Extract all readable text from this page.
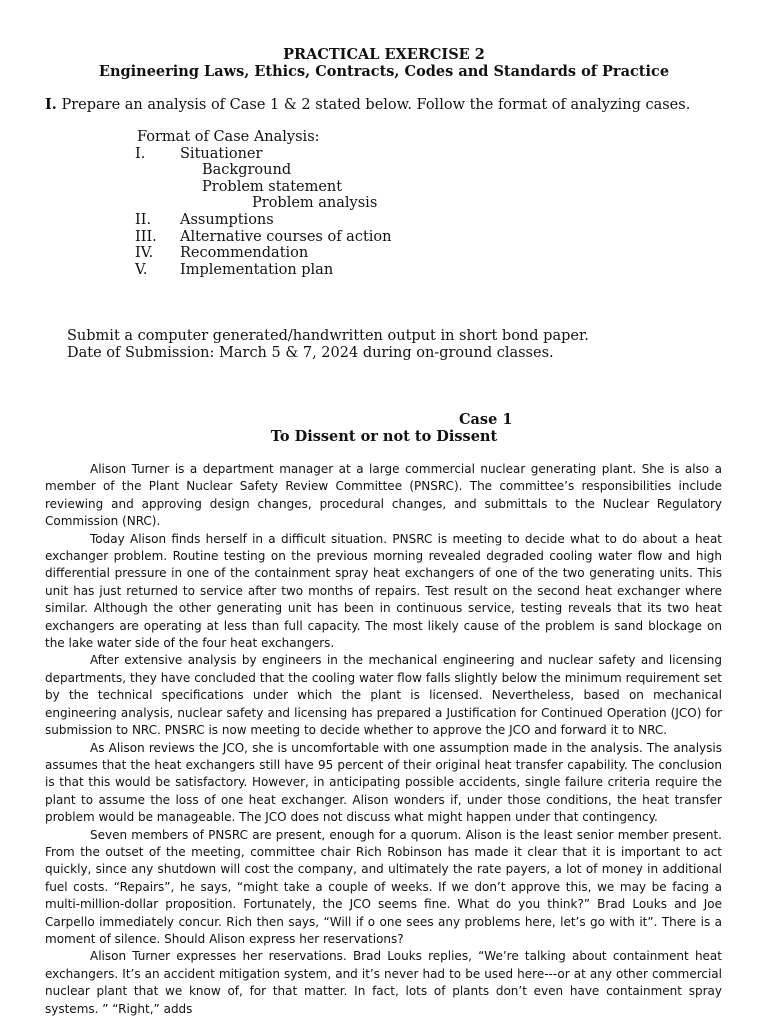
PRACTICAL EXERCISE 2
Engineering Laws, Ethics, Contracts, Codes and Standards of Practice
I. Prepare an analysis of Case 1 & 2 stated below. Follow the format of analyzing cases.
Format of Case Analysis:
I. Situationer
Background
Problem statement
Problem analysis
II. Assumptions
III. Alternative courses of action
IV. Recommendation
V. Implementation plan
Submit a computer generated/handwritten output in short bond paper.
Date of Submission: March 5 & 7, 2024 during on-ground classes.
Case 1
To Dissent or not to Dissent

Alison Turner is a department manager at a large commercial nuclear generating plant. She is also a member of the Plant Nuclear Safety Review Committee (PNSRC). The committee’s responsibilities include reviewing and approving design changes, procedural changes, and submittals to the Nuclear Regulatory Commission (NRC).

Today Alison finds herself in a difficult situation. PNSRC is meeting to decide what to do about a heat exchanger problem. Routine testing on the previous morning revealed degraded cooling water flow and high differential pressure in one of the containment spray heat exchangers of one of the two generating units. This unit has just returned to service after two months of repairs. Test result on the second heat exchanger where similar. Although the other generating unit has been in continuous service, testing reveals that its two heat exchangers are operating at less than full capacity. The most likely cause of the problem is sand blockage on the lake water side of the four heat exchangers.

After extensive analysis by engineers in the mechanical engineering and nuclear safety and licensing departments, they have concluded that the cooling water flow falls slightly below the minimum requirement set by the technical specifications under which the plant is licensed. Nevertheless, based on mechanical engineering analysis, nuclear safety and licensing has prepared a Justification for Continued Operation (JCO) for submission to NRC. PNSRC is now meeting to decide whether to approve the JCO and forward it to NRC.

As Alison reviews the JCO, she is uncomfortable with one assumption made in the analysis. The analysis assumes that the heat exchangers still have 95 percent of their original heat transfer capability. The conclusion is that this would be satisfactory. However, in anticipating possible accidents, single failure criteria require the plant to assume the loss of one heat exchanger. Alison wonders if, under those conditions, the heat transfer problem would be manageable. The JCO does not discuss what might happen under that contingency.

Seven members of PNSRC are present, enough for a quorum. Alison is the least senior member present. From the outset of the meeting, committee chair Rich Robinson has made it clear that it is important to act quickly, since any shutdown will cost the company, and ultimately the rate payers, a lot of money in additional fuel costs. “Repairs”, he says, “might take a couple of weeks. If we don’t approve this, we may be facing a multi-million-dollar proposition. Fortunately, the JCO seems fine. What do you think?” Brad Louks and Joe Carpello immediately concur. Rich then says, “Will if o one sees any problems here, let’s go with it”. There is a moment of silence. Should Alison express her reservations?

Alison Turner expresses her reservations. Brad Louks replies, “We’re talking about containment heat exchangers. It’s an accident mitigation system, and it’s never had to be used here---or at any other commercial nuclear plant that we know of, for that matter. In fact, lots of plants don’t even have containment spray systems. ” “Right,” adds
